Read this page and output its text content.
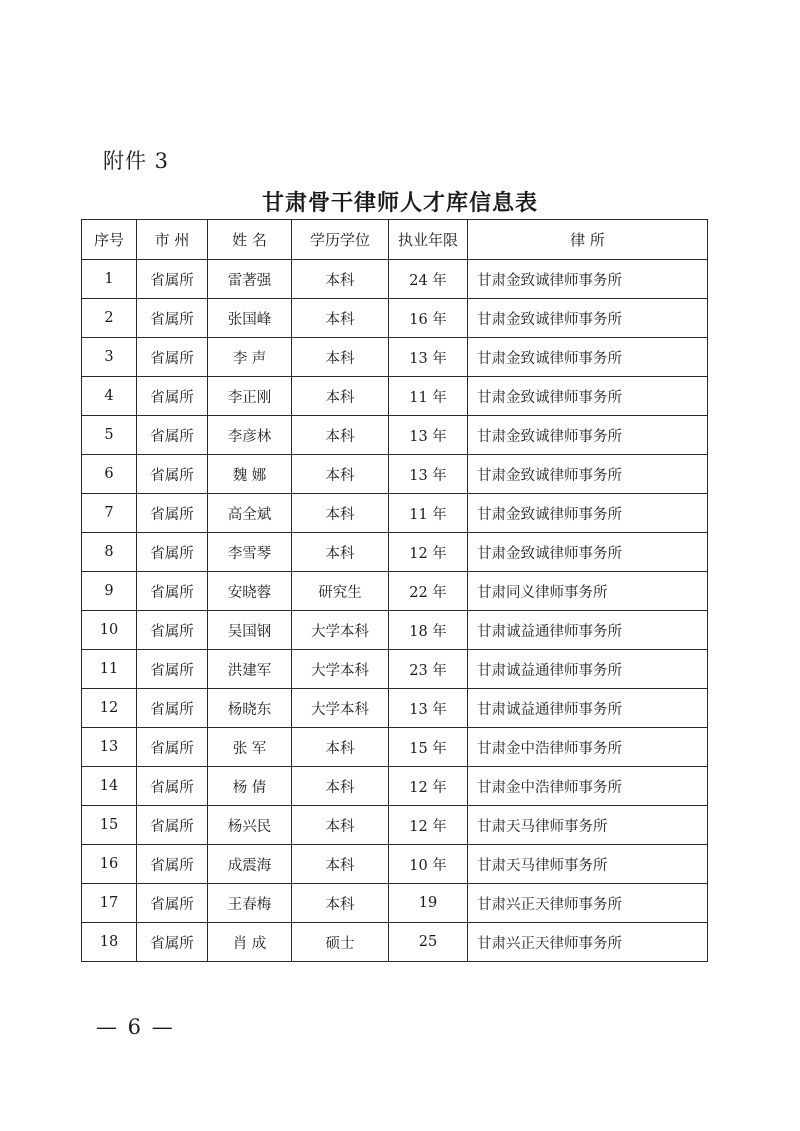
附件 3
甘肃骨干律师人才库信息表
序号	市 州	姓 名	学历学位	执业年限	律 所
1	省属所	雷著强	本科	24 年	甘肃金致诚律师事务所
2	省属所	张国峰	本科	16 年	甘肃金致诚律师事务所
3	省属所	李 声	本科	13 年	甘肃金致诚律师事务所
4	省属所	李正刚	本科	11 年	甘肃金致诚律师事务所
5	省属所	李彦林	本科	13 年	甘肃金致诚律师事务所
6	省属所	魏 娜	本科	13 年	甘肃金致诚律师事务所
7	省属所	高全斌	本科	11 年	甘肃金致诚律师事务所
8	省属所	李雪琴	本科	12 年	甘肃金致诚律师事务所
9	省属所	安晓蓉	研究生	22 年	甘肃同义律师事务所
10	省属所	吴国钢	大学本科	18 年	甘肃诚益通律师事务所
11	省属所	洪建军	大学本科	23 年	甘肃诚益通律师事务所
12	省属所	杨晓东	大学本科	13 年	甘肃诚益通律师事务所
13	省属所	张 军	本科	15 年	甘肃金中浩律师事务所
14	省属所	杨 倩	本科	12 年	甘肃金中浩律师事务所
15	省属所	杨兴民	本科	12 年	甘肃天马律师事务所
16	省属所	成震海	本科	10 年	甘肃天马律师事务所
17	省属所	王春梅	本科	19	甘肃兴正天律师事务所
18	省属所	肖 成	硕士	25	甘肃兴正天律师事务所
— 6 —
